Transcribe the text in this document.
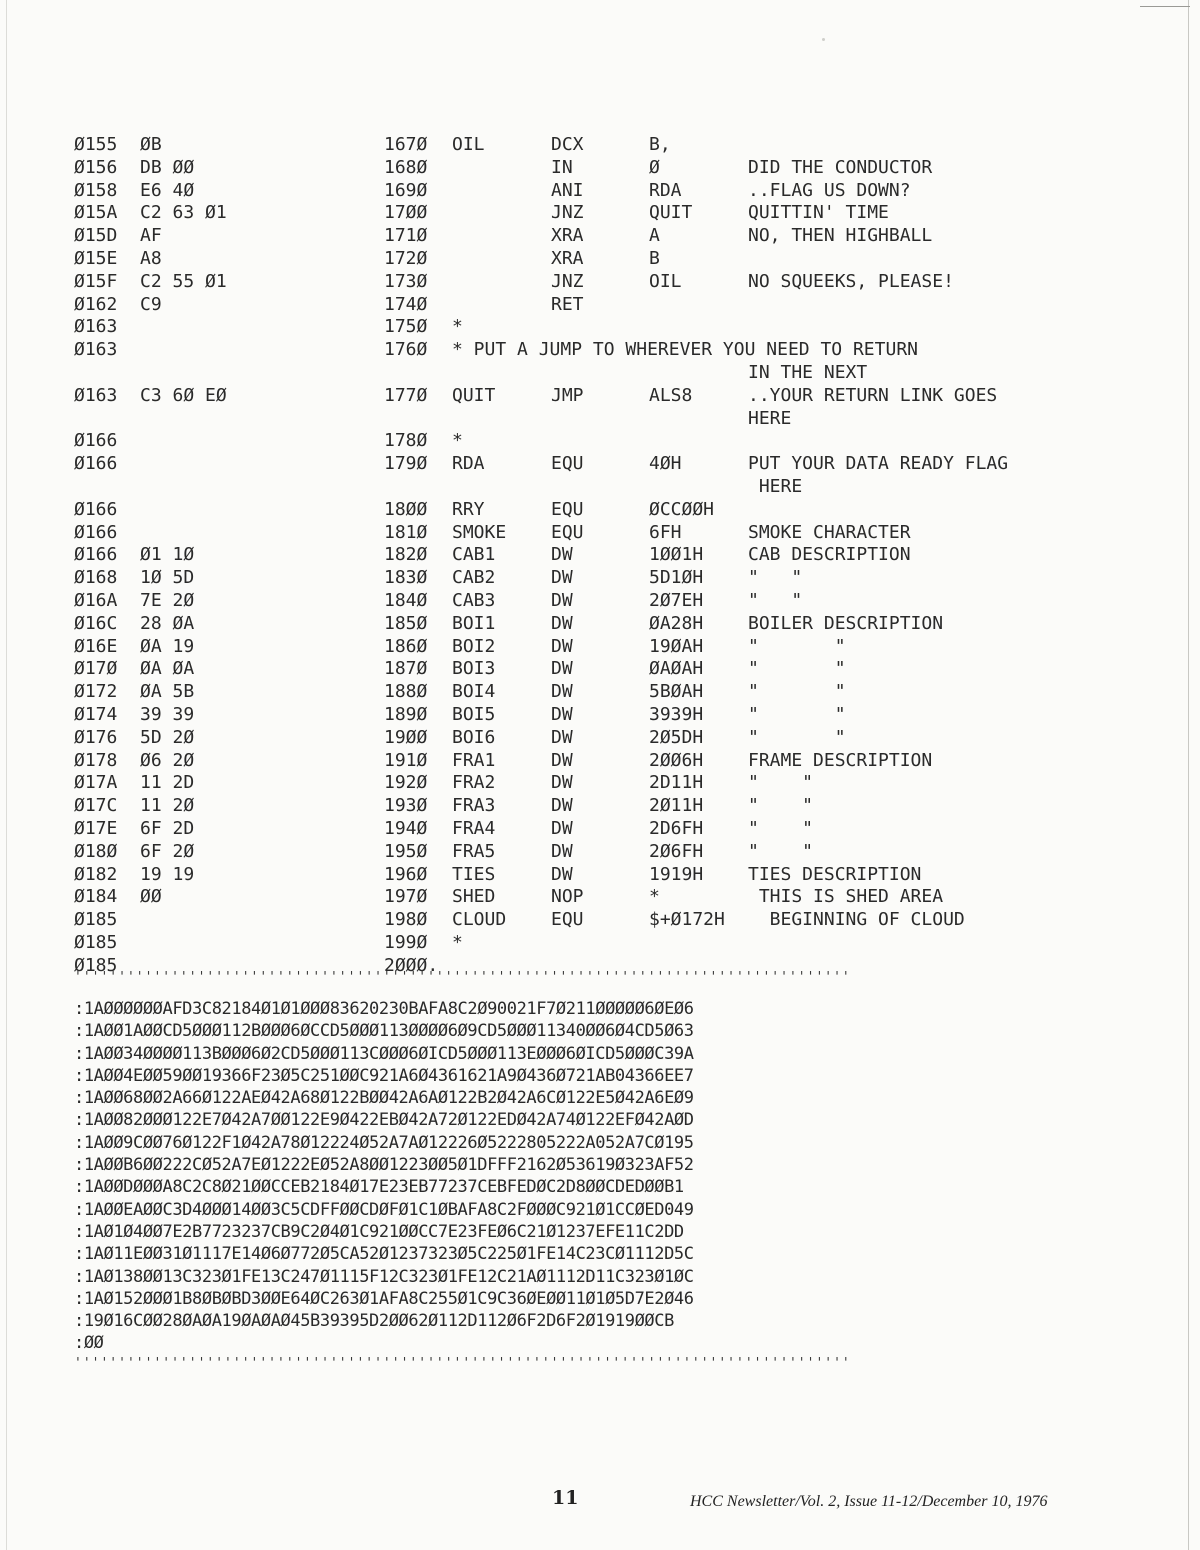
Ø155 ØB	167Ø OIL	DCX	B,
Ø156 DB ØØ	168Ø	IN	Ø	DID THE CONDUCTOR
Ø158 E6 4Ø	169Ø	ANI	RDA	..FLAG US DOWN?
Ø15A C2 63 Ø1	17ØØ	JNZ	QUIT	QUITTIN' TIME
Ø15D AF	171Ø	XRA	A	NO, THEN HIGHBALL
Ø15E A8	172Ø	XRA	B
Ø15F C2 55 Ø1	173Ø	JNZ	OIL	NO SQUEEKS, PLEASE!
Ø162 C9	174Ø	RET
Ø163	175Ø *
Ø163	176Ø * PUT A JUMP TO WHEREVER YOU NEED TO RETURN
IN THE NEXT
Ø163 C3 6Ø EØ	177Ø QUIT	JMP	ALS8	..YOUR RETURN LINK GOES
HERE
Ø166	178Ø *
Ø166	179Ø RDA	EQU	4ØH	PUT YOUR DATA READY FLAG
HERE
Ø166	18ØØ RRY	EQU	ØCCØØH
Ø166	181Ø SMOKE EQU	6FH	SMOKE CHARACTER
Ø166 Ø1 1Ø	182Ø CAB1	DW	1ØØ1H CAB DESCRIPTION
Ø168 1Ø 5D	183Ø CAB2	DW	5D1ØH "   "
Ø16A 7E 2Ø	184Ø CAB3	DW	2Ø7EH "   "
Ø16C 28 ØA	185Ø BOI1	DW	ØA28H BOILER DESCRIPTION
Ø16E ØA 19	186Ø BOI2	DW	19ØAH "       "
Ø17Ø ØA ØA	187Ø BOI3	DW	ØAØAH "       "
Ø172 ØA 5B	188Ø BOI4	DW	5BØAH "       "
Ø174 39 39	189Ø BOI5	DW	3939H "       "
Ø176 5D 2Ø	19ØØ BOI6	DW	2Ø5DH "       "
Ø178 Ø6 2Ø	191Ø FRA1	DW	2ØØ6H FRAME DESCRIPTION
Ø17A 11 2D	192Ø FRA2	DW	2D11H "    "
Ø17C 11 2Ø	193Ø FRA3	DW	2Ø11H "    "
Ø17E 6F 2D	194Ø FRA4	DW	2D6FH "    "
Ø18Ø 6F 2Ø	195Ø FRA5	DW	2Ø6FH "    "
Ø182 19 19	196Ø TIES	DW	1919H TIES DESCRIPTION
Ø184 ØØ	197Ø SHED	NOP	*	THIS IS SHED AREA
Ø185	198Ø CLOUD EQU	$+Ø172H BEGINNING OF CLOUD
Ø185	199Ø *
Ø185	2ØØØ.
''''''''''''''''''''''''''''''''''''''''''''''''''''''''''''''''''''''''''''''''''''''''
:1AØØØØØØAFD3C82184Ø1Ø1ØØØ83620230BAFA8C2Ø90021F7Ø211ØØØØØ6ØEØ6
:1AØØ1AØØCD5ØØØ112BØØØ6ØCCD5ØØØ113ØØØØ6Ø9CD5ØØØ11340ØØ6Ø4CD5Ø63
:1AØØ34ØØØØ113BØØØ6Ø2CD5ØØØ113CØØØ6ØICD5ØØØ113EØØØ6ØICD5ØØØC39A
:1AØØ4EØØ59ØØ19366F23Ø5C251ØØC921A6Ø4361621A9Ø436Ø721AB04366EE7
:1AØØ68ØØ2A66Ø122AEØ42A68Ø122BØØ42A6AØ122B2Ø42A6CØ122E5Ø42A6EØ9
:1AØØ82ØØØ122E7Ø42A7ØØ122E9Ø422EBØ42A72Ø122EDØ42A74Ø122EFØ42AØD
:1AØØ9CØØ76Ø122F1Ø42A78Ø12224Ø52A7AØ12226Ø5222805222A052A7CØ195
:1AØØB6ØØ222CØ52A7EØ1222EØ52A8ØØ1223ØØ5Ø1DFFF2162Ø53619Ø323AF52
:1AØØDØØØA8C2C8Ø21ØØCCEB2184Ø17E23EB77237CEBFEDØC2D8ØØCDEDØØB1
:1AØØEAØØC3D4ØØØ14ØØ3C5CDFFØØCDØFØ1C1ØBAFA8C2FØØØC921Ø1CCØED049
:1AØ1Ø4ØØ7E2B7723237CB9C2Ø4Ø1C921ØØCC7E23FEØ6C21Ø1237EFE11C2DD
:1AØ11EØØ31Ø1117E14Ø6Ø772Ø5CA52Ø1237323Ø5C225Ø1FE14C23CØ1112D5C
:1AØ138ØØ13C323Ø1FE13C247Ø1115F12C323Ø1FE12C21AØ1112D11C323Ø1ØC
:1AØ152ØØØ1B8ØBØBD3ØØE64ØC263Ø1AFA8C255Ø1C9C36ØEØØ11Ø1Ø5D7E2Ø46
:19Ø16CØØ28ØAØA19ØAØAØ45B39395D2ØØ62Ø112D112Ø6F2D6F2Ø1919ØØCB
:ØØ
''''''''''''''''''''''''''''''''''''''''''''''''''''''''''''''''''''''''''''''''''''''''
11	HCC Newsletter/Vol. 2, Issue 11-12/December 10, 1976
